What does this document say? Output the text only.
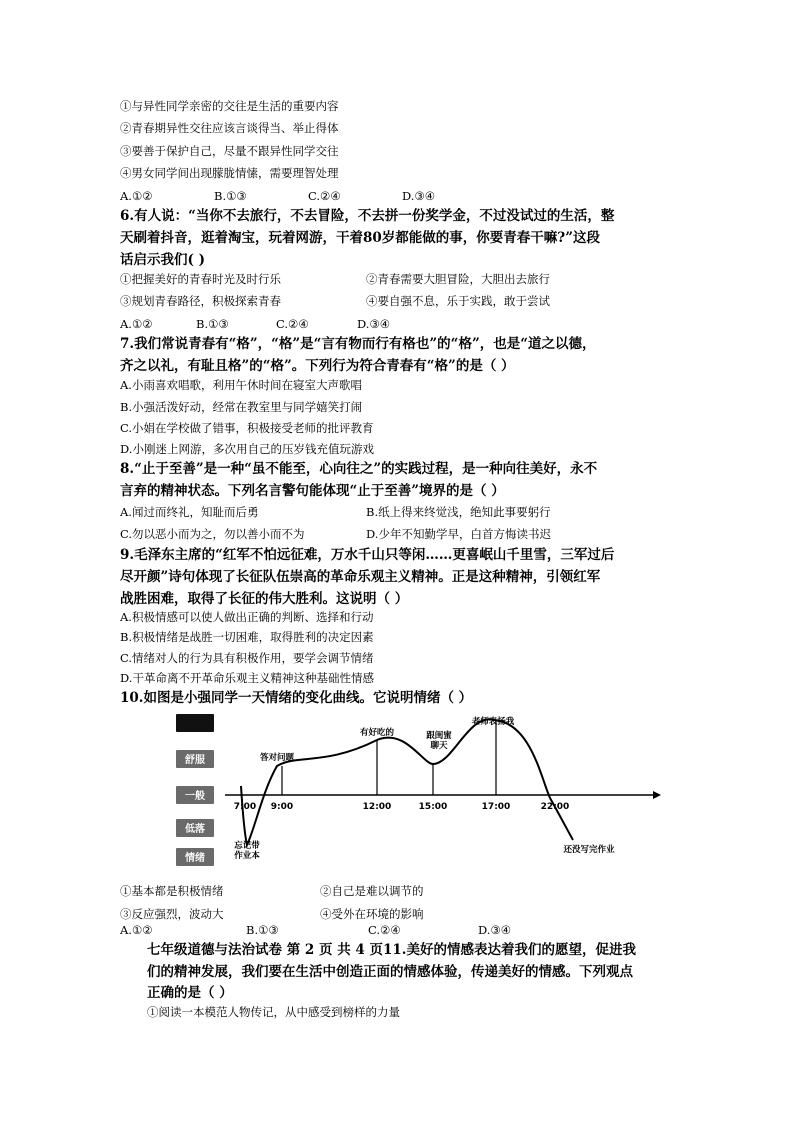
①与异性同学亲密的交往是生活的重要内容
②青春期异性交往应该言谈得当、举止得体
③要善于保护自己，尽量不跟异性同学交往
④男女同学间出现朦胧情愫，需要理智处理
A.①②	B.①③	C.②④	D.③④
6.有人说：“当你不去旅行，不去冒险，不去拼一份奖学金，不过没试过的生活，整
天刷着抖音，逛着淘宝，玩着网游，干着80岁都能做的事，你要青春干嘛?”这段
话启示我们( )
①把握美好的青春时光及时行乐	②青春需要大胆冒险，大胆出去旅行
③规划青春路径，积极探索青春	④要自强不息，乐于实践，敢于尝试
A.①②	B.①③	C.②④	D.③④
7.我们常说青春有“格”，“格”是“言有物而行有格也”的“格”，也是“道之以德，
齐之以礼，有耻且格”的“格”。下列行为符合青春有“格”的是（ ）
A.小雨喜欢唱歌，利用午休时间在寝室大声歌唱
B.小强活泼好动，经常在教室里与同学嬉笑打闹
C.小娟在学校做了错事，积极接受老师的批评教育
D.小刚迷上网游，多次用自己的压岁钱充值玩游戏
8.“止于至善”是一种“虽不能至，心向往之”的实践过程，是一种向往美好，永不
言弃的精神状态。下列名言警句能体现“止于至善”境界的是（ ）
A.闻过而终礼，知耻而后勇	B.纸上得来终觉浅，绝知此事要躬行
C.勿以恶小而为之，勿以善小而不为	D.少年不知勤学早，白首方悔读书迟
9.毛泽东主席的“红军不怕远征难，万水千山只等闲……更喜岷山千里雪，三军过后
尽开颜”诗句体现了长征队伍崇高的革命乐观主义精神。正是这种精神，引领红军
战胜困难，取得了长征的伟大胜利。这说明（ ）
A.积极情感可以使人做出正确的判断、选择和行动
B.积极情绪是战胜一切困难，取得胜利的决定因素
C.情绪对人的行为具有积极作用，要学会调节情绪
D.干革命离不开革命乐观主义精神这种基础性情感
10.如图是小强同学一天情绪的变化曲线。它说明情绪（ ）
舒服
一般
低落
情绪
7:00 9:00	12:00	15:00	17:00	22:00
答对问题
有好吃的	跟闺蜜
聊天
老师表扬我
忘记带
作业本
还没写完作业
①基本都是积极情绪	②自己是难以调节的
③反应强烈，波动大	④受外在环境的影响
A.①②	B.①③	C.②④	D.③④
七年级道德与法治试卷 第 2 页 共 4 页11.美好的情感表达着我们的愿望，促进我
们的精神发展，我们要在生活中创造正面的情感体验，传递美好的情感。下列观点
正确的是（ ）
①阅读一本模范人物传记，从中感受到榜样的力量
